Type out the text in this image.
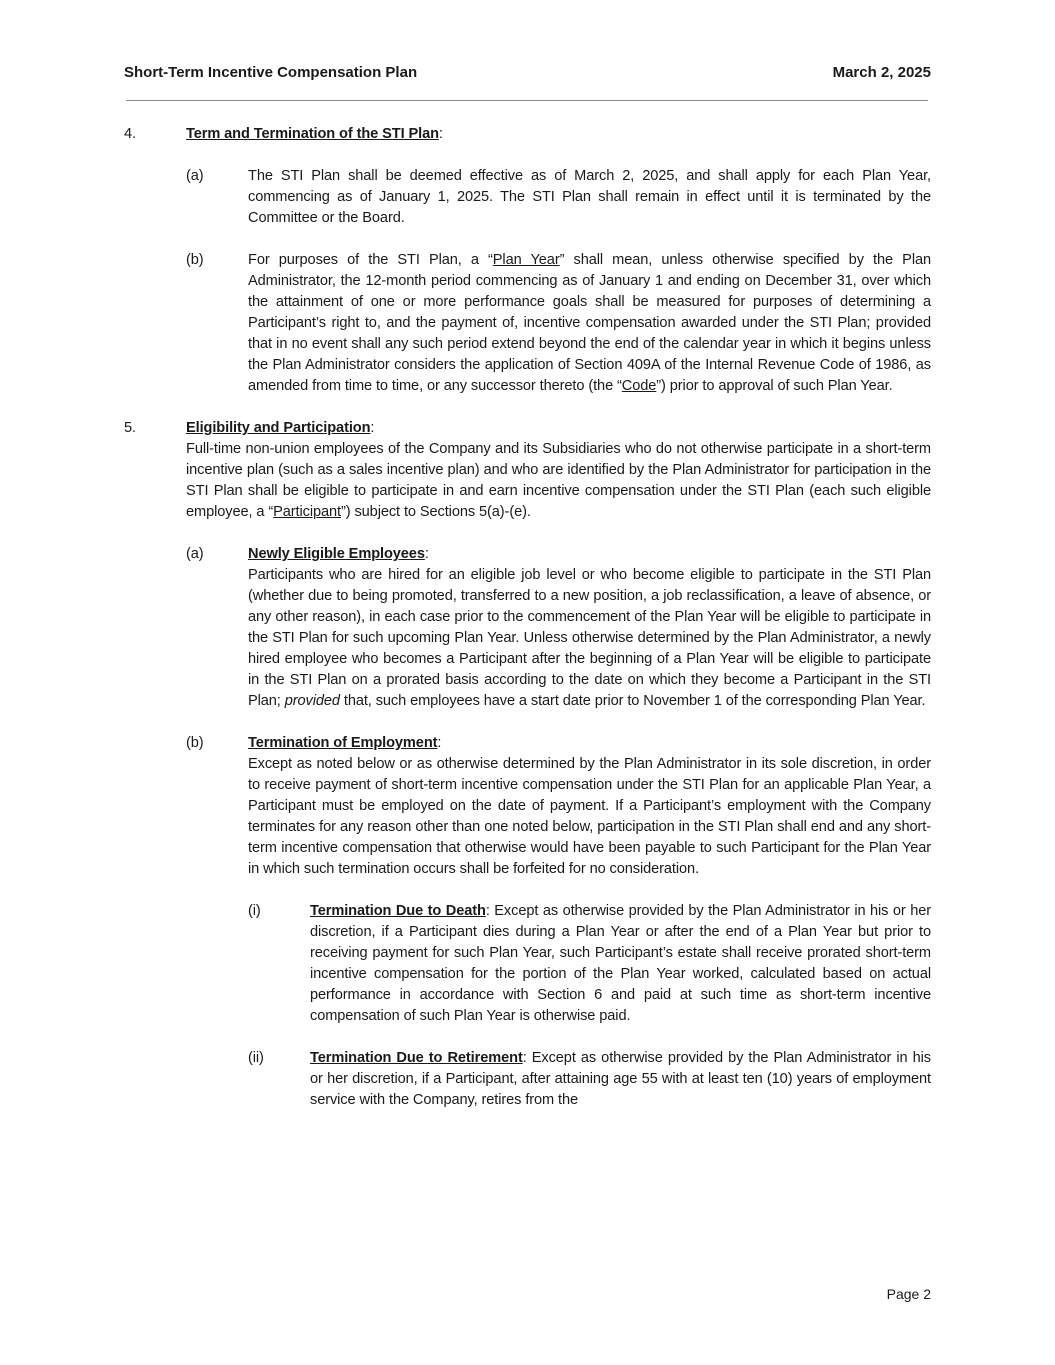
Short-Term Incentive Compensation Plan	March 2, 2025
4.	Term and Termination of the STI Plan:
(a)	The STI Plan shall be deemed effective as of March 2, 2025, and shall apply for each Plan Year, commencing as of January 1, 2025. The STI Plan shall remain in effect until it is terminated by the Committee or the Board.
(b)	For purposes of the STI Plan, a “Plan Year” shall mean, unless otherwise specified by the Plan Administrator, the 12-month period commencing as of January 1 and ending on December 31, over which the attainment of one or more performance goals shall be measured for purposes of determining a Participant’s right to, and the payment of, incentive compensation awarded under the STI Plan; provided that in no event shall any such period extend beyond the end of the calendar year in which it begins unless the Plan Administrator considers the application of Section 409A of the Internal Revenue Code of 1986, as amended from time to time, or any successor thereto (the “Code”) prior to approval of such Plan Year.
5.	Eligibility and Participation:
Full-time non-union employees of the Company and its Subsidiaries who do not otherwise participate in a short-term incentive plan (such as a sales incentive plan) and who are identified by the Plan Administrator for participation in the STI Plan shall be eligible to participate in and earn incentive compensation under the STI Plan (each such eligible employee, a “Participant”) subject to Sections 5(a)-(e).
(a)	Newly Eligible Employees:
Participants who are hired for an eligible job level or who become eligible to participate in the STI Plan (whether due to being promoted, transferred to a new position, a job reclassification, a leave of absence, or any other reason), in each case prior to the commencement of the Plan Year will be eligible to participate in the STI Plan for such upcoming Plan Year. Unless otherwise determined by the Plan Administrator, a newly hired employee who becomes a Participant after the beginning of a Plan Year will be eligible to participate in the STI Plan on a prorated basis according to the date on which they become a Participant in the STI Plan; provided that, such employees have a start date prior to November 1 of the corresponding Plan Year.
(b)	Termination of Employment:
Except as noted below or as otherwise determined by the Plan Administrator in its sole discretion, in order to receive payment of short-term incentive compensation under the STI Plan for an applicable Plan Year, a Participant must be employed on the date of payment. If a Participant’s employment with the Company terminates for any reason other than one noted below, participation in the STI Plan shall end and any short-term incentive compensation that otherwise would have been payable to such Participant for the Plan Year in which such termination occurs shall be forfeited for no consideration.
(i)	Termination Due to Death: Except as otherwise provided by the Plan Administrator in his or her discretion, if a Participant dies during a Plan Year or after the end of a Plan Year but prior to receiving payment for such Plan Year, such Participant’s estate shall receive prorated short-term incentive compensation for the portion of the Plan Year worked, calculated based on actual performance in accordance with Section 6 and paid at such time as short-term incentive compensation of such Plan Year is otherwise paid.
(ii)	Termination Due to Retirement: Except as otherwise provided by the Plan Administrator in his or her discretion, if a Participant, after attaining age 55 with at least ten (10) years of employment service with the Company, retires from the
Page 2
